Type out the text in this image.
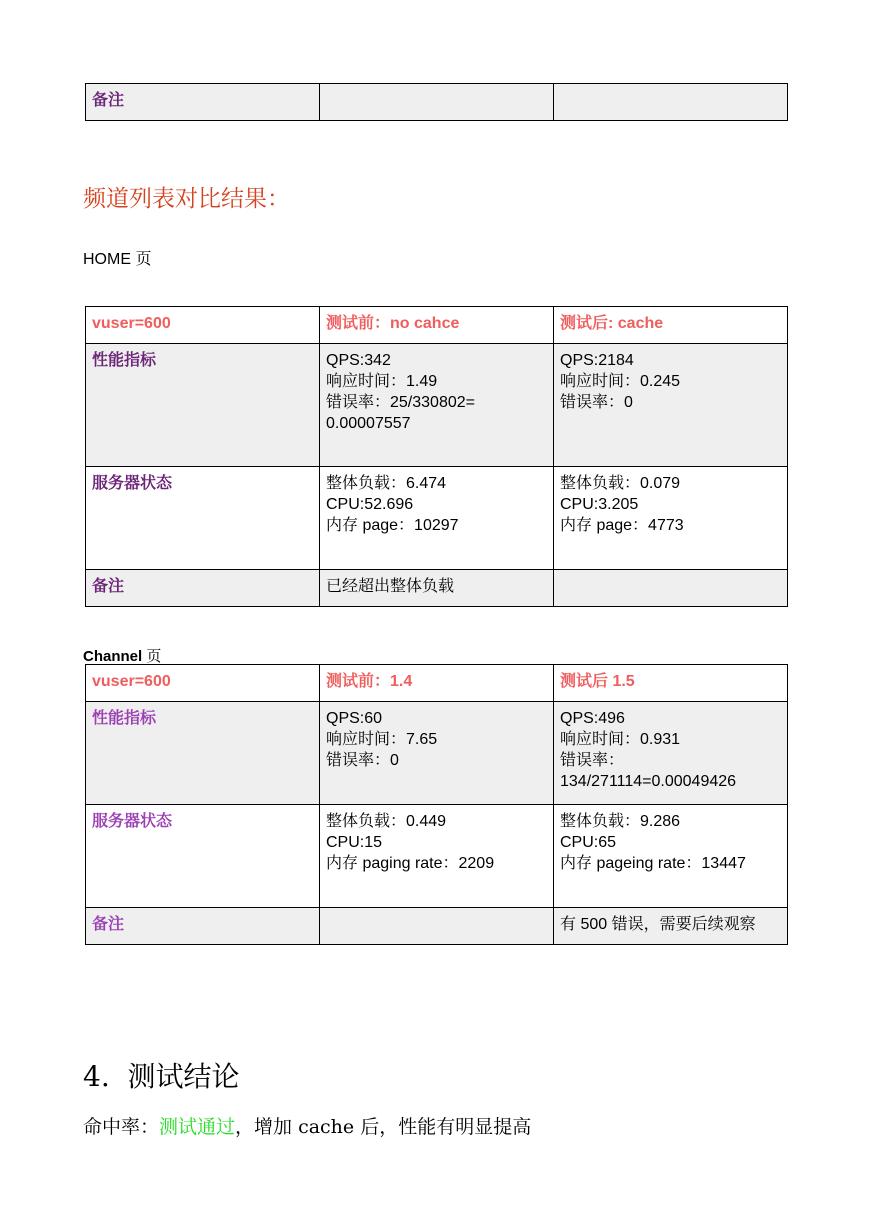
备注		
频道列表对比结果：
HOME 页
vuser=600	测试前：no cahce	测试后: cache
性能指标	QPS:342
响应时间：1.49
错误率：25/330802=
0.00007557	QPS:2184
响应时间：0.245
错误率：0

服务器状态	整体负载：6.474
CPU:52.696
内存 page：10297	整体负载：0.079
CPU:3.205
内存 page：4773

备注	已经超出整体负载	
Channel 页
vuser=600	测试前：1.4	测试后 1.5
性能指标	QPS:60
响应时间：7.65
错误率：0	QPS:496
响应时间：0.931
错误率：
134/271114=0.00049426

服务器状态	整体负载：0.449
CPU:15
内存 paging rate：2209	整体负载：9.286
CPU:65
内存 pageing rate：13447

备注		有 500 错误，需要后续观察
4. 测试结论
命中率：测试通过，增加 cache 后，性能有明显提高
